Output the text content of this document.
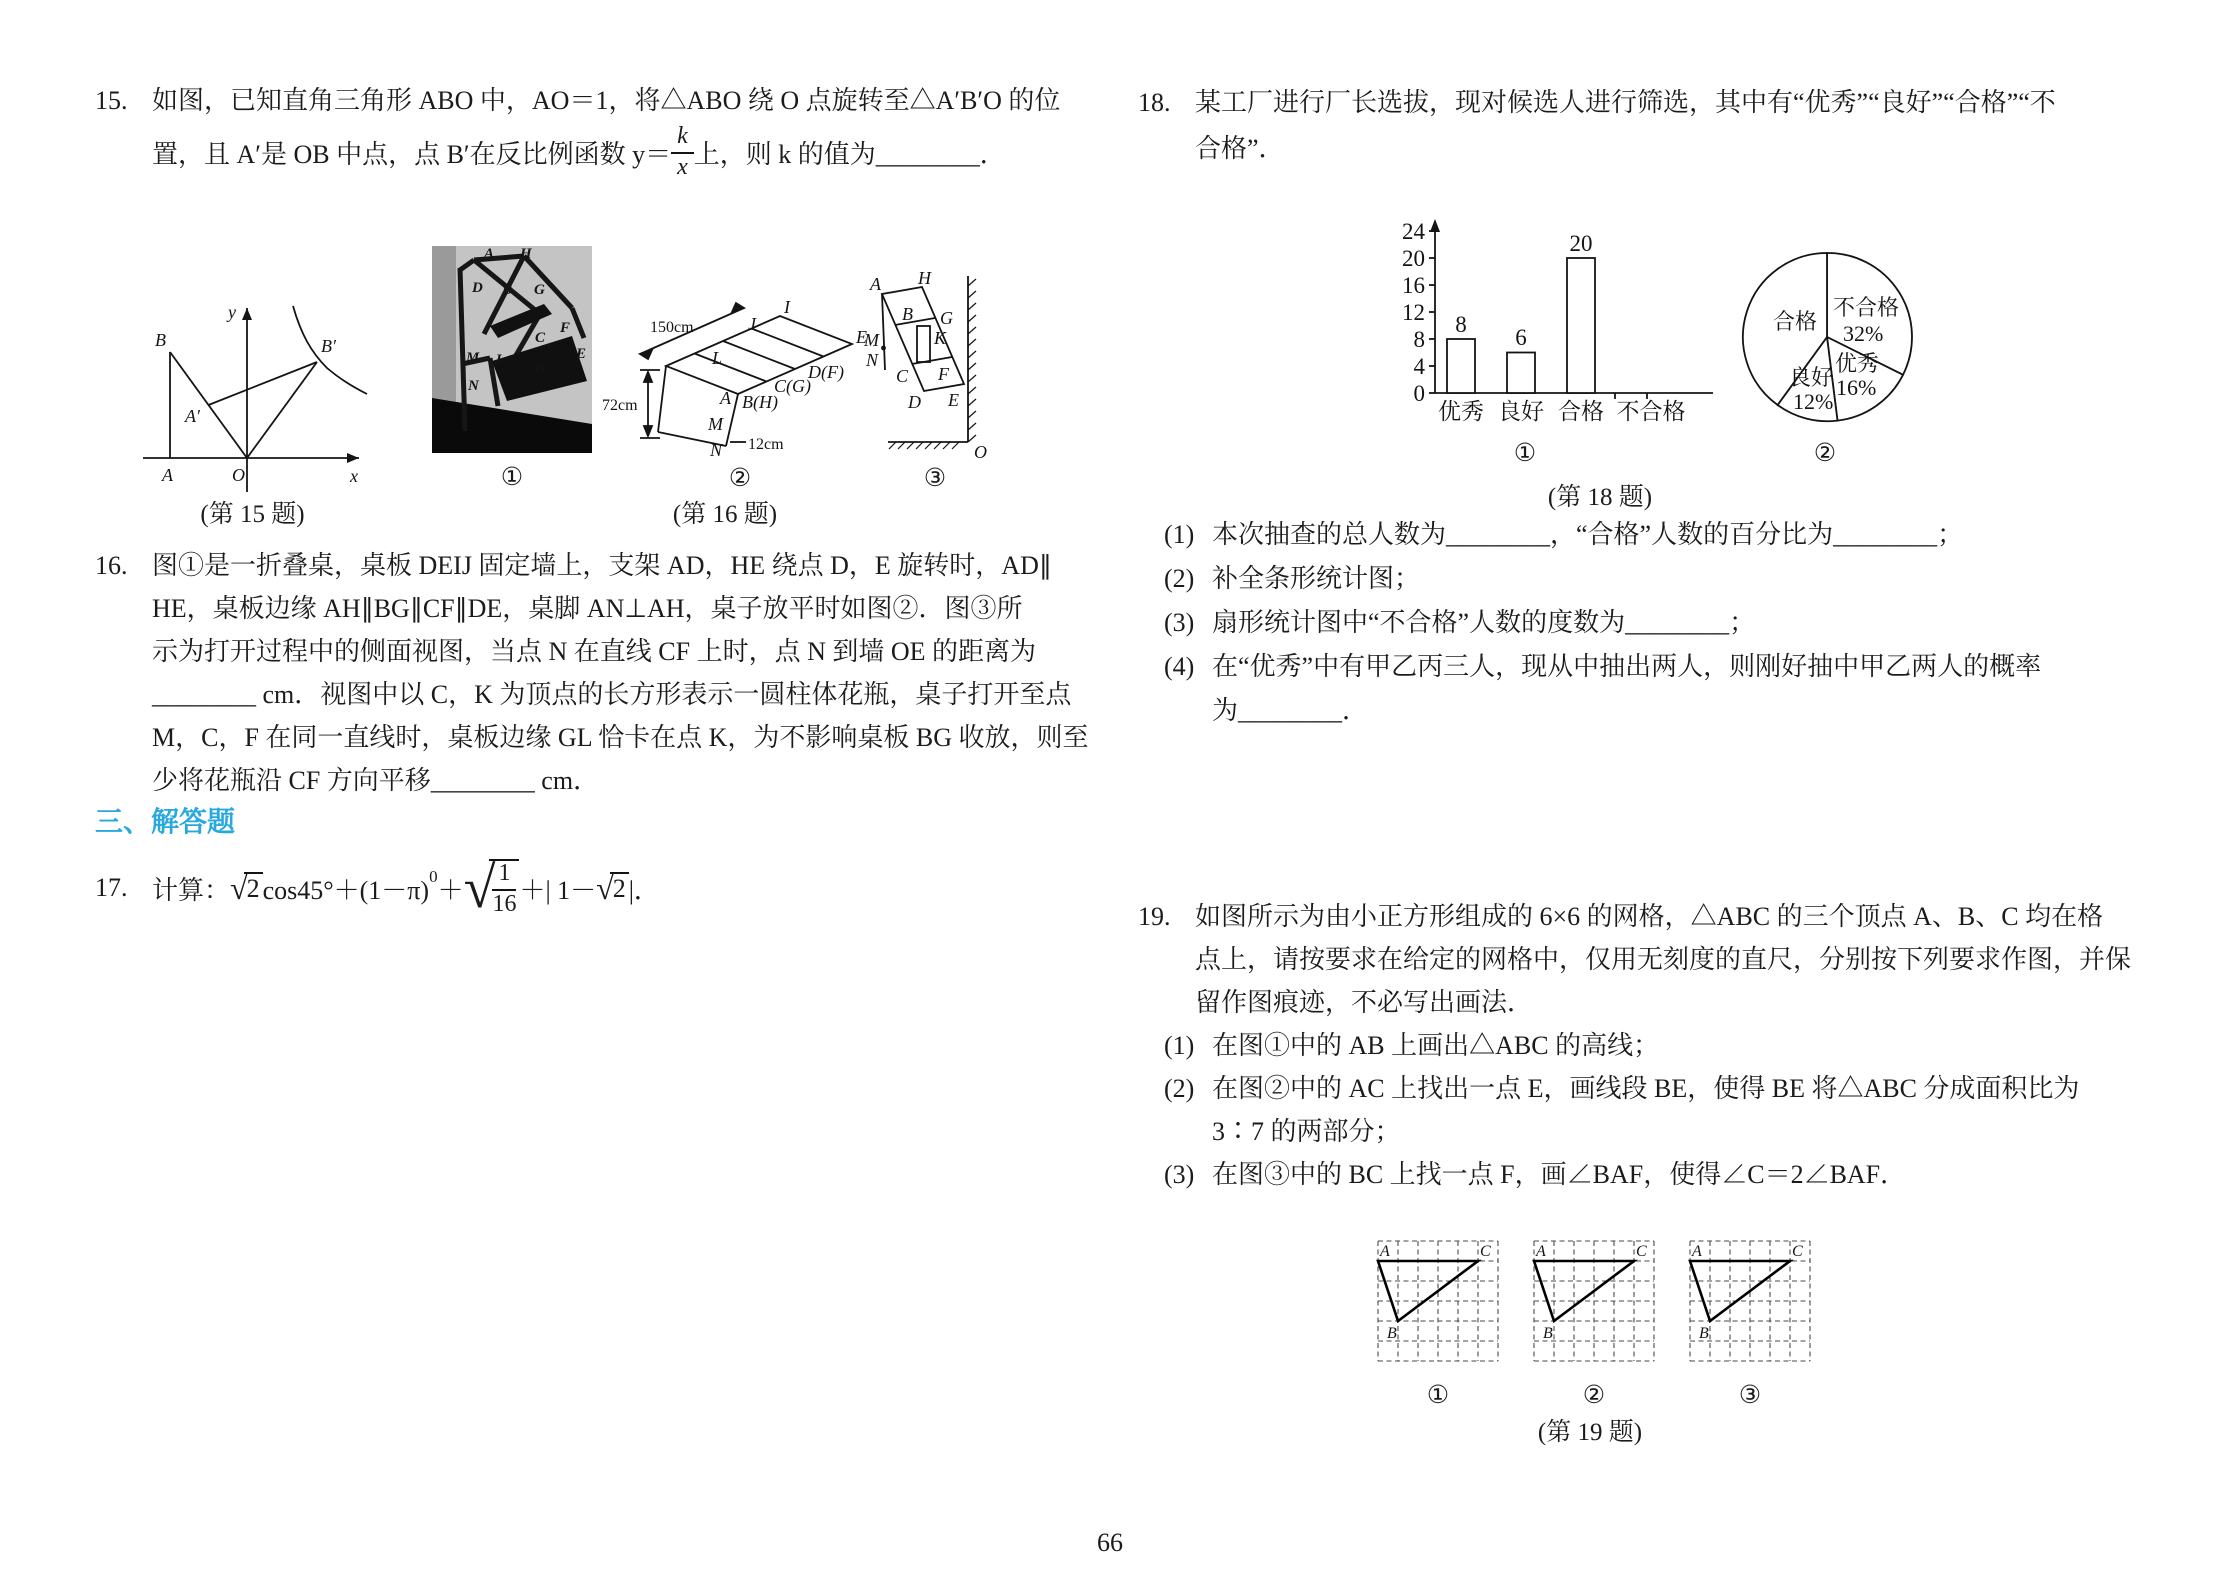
15. 如图，已知直角三角形 ABO 中，AO＝1，将△ABO 绕 O 点旋转至△A′B′O 的位
置，且 A′是 OB 中点，点 B′在反比例函数 $y= \frac{k}{x}$ 上，则 k 的值为________．
B	B′
A′
A	O	x
y
(第 15 题)
A H
D B G
F
C
E
M J
D
N
①
150cm
72cm
12cm
J
I
L
E
D(F)
C(G)
B(H)
A
M
N
②
A H
B G
K
M
N
C F
D E
O
③
(第 16 题)
16. 图①是一折叠桌，桌板 DEIJ 固定墙上，支架 AD，HE 绕点 D，E 旋转时，AD∥
HE，桌板边缘 AH∥BG∥CF∥DE，桌脚 AN⊥AH，桌子放平时如图②．图③所
示为打开过程中的侧面视图，当点 N 在直线 CF 上时，点 N 到墙 OE 的距离为
________ cm．视图中以 C，K 为顶点的长方形表示一圆柱体花瓶，桌子打开至点
M，C，F 在同一直线时，桌板边缘 GL 恰卡在点 K，为不影响桌板 BG 收放，则至
少将花瓶沿 CF 方向平移________ cm．
三、解答题
17. 计算： √ 2 cos45°＋(1－π) 0 ＋ √
$\frac{1}{16}$ ＋| 1－ √ 2 |．
18. 某工厂进行厂长选拔，现对候选人进行筛选，其中有“优秀”“良好”“合格”“不
合格”．
24
20
16
12
8
4
0
8
6
20
优秀 良好 合格 不合格
①
合格
不合格
32%
优秀
16%
良好
12%
②
(第 18 题)
(1) 本次抽查的总人数为________，“合格”人数的百分比为________；
(2) 补全条形统计图；
(3) 扇形统计图中“不合格”人数的度数为________；
(4) 在“优秀”中有甲乙丙三人，现从中抽出两人，则刚好抽中甲乙两人的概率
为________．
19. 如图所示为由小正方形组成的 6×6 的网格，△ABC 的三个顶点 A、B、C 均在格
点上，请按要求在给定的网格中，仅用无刻度的直尺，分别按下列要求作图，并保
留作图痕迹，不必写出画法．
(1) 在图①中的 AB 上画出△ABC 的高线；
(2) 在图②中的 AC 上找出一点 E，画线段 BE，使得 BE 将△ABC 分成面积比为
3∶7 的两部分；
(3) 在图③中的 BC 上找一点 F，画∠BAF，使得∠C＝2∠BAF．
A	C
B
A	C
B
A	C
B
①	②	③
(第 19 题)
66
